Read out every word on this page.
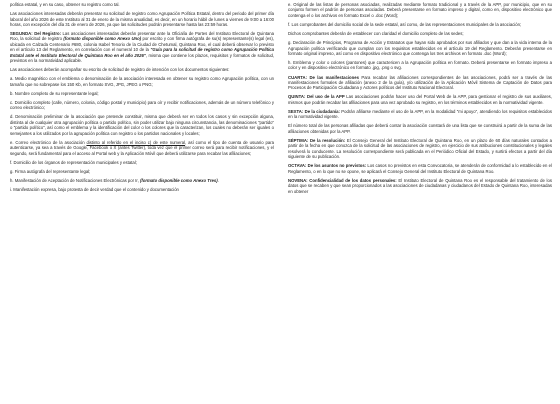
política estatal, y en su caso, obtener su registro como tal.

Las asociaciones interesadas deberán presentar su solicitud de registro como Agrupación Política Estatal, dentro del periodo del primer día laboral del año 2026 de este Instituto al 31 de enero de la misma anualidad, es decir, en un horario hábil de lunes a viernes de 9:00 a 16:00 horas, con excepción del día 31 de enero de 2026, ya que las solicitudes podrán presentarse hasta las 23:59 horas.

SEGUNDA: Del Registro: Las asociaciones interesadas deberán presentar ante la Oficialía de Partes del Instituto Electoral de Quintana Roo, la solicitud de registro (formato disponible como Anexo Uno) por escrito y con firma autógrafa de su(s) representante(s) legal (es), ubicada en Calzada Centenario #680, colonia Isabel Tenorio de la Ciudad de Chetumal, Quintana Roo, el cual deberá observar lo previsto en el artículo 13 del Reglamento, en correlación con el numeral 10 de la "Guía para la solicitud de registro como Agrupación Política Estatal ante el Instituto Electoral de Quintana Roo en el año 2026", misma que contiene los plazos, requisitos y formatos de solicitud, previstos en la normatividad aplicable.

Las asociaciones deberán acompañar su escrito de solicitud de registro de intención con los documentos siguientes:

a. Medio magnético con el emblema o denominación de la asociación interesada en obtener su registro como Agrupación política, con un tamaño que no sobrepase los 150 Kb, en formato SVG, JPG, JPEG o PNG;

b. Nombre completo de su representante legal;

c. Domicilio completo (calle, número, colonia, código postal y municipio) para oír y recibir notificaciones, además de un número telefónico y correo electrónico;

d. Denominación preliminar de la asociación que pretende constituir, misma que deberá ser en todos los casos y sin excepción alguna, distinta al de cualquier otra agrupación política o partido político, sin poder utilizar bajo ninguna circunstancia, las denominaciones "partido" o "partido político", así como el emblema y la identificación del color o los colores que la caracterizan, los cuales no deberán ser iguales o semejantes a los utilizados por la agrupación política con registro o los partidos nacionales y locales;

e. Correo electrónico de la asociación distinto al referido en el inciso c) de este numeral, así como el tipo de cuenta de usuario para autenticarse, ya sea a través de Google, Facebook o X (antes Twitter), toda vez que el primer correo será para recibir notificaciones, y el segundo, será fundamental para el acceso al Portal web y la Aplicación Móvil que deberá utilizarse para recabar las afiliaciones;

f. Domicilio de los órganos de representación municipales y estatal;

g. Firma autógrafa del representante legal;

h. Manifestación de Aceptación de Notificaciones Electrónicas por Ir, (formato disponible como Anexo Tres).

i. Manifestación expresa, bajo protesta de decir verdad que el contenido y documentación

e. Original de las listas de personas asociadas, realizadas mediante formato tradicional y a través de la APP, por municipio, que en su conjunto formen el padrón de personas asociadas. Deberá presentarse en formato impreso y digital, como en, dispositivo electrónico que contenga el o los archivos en formato Excel o .doc (Word);

f. Los comprobantes del domicilio social de la sede estatal, así como, de las representaciones municipales de la asociación;

Dichos comprobantes deberán de establecer con claridad el domicilio completo de las sedes;

g. Declaración de Principios, Programa de Acción y Estatutos que hayan sido aprobados por sus afiliados y que dan a la vida interna de la Agrupación política verificando que cumplan con los requisitos establecidos en el artículo 19 del Reglamento. Deberán presentarse en formato original impreso, así como en dispositivo electrónico que contenga los tres archivos en formato .doc (Word);

h. Emblema y color o colores (pantones) que caractericen a la Agrupación política en formato. Deberá presentarse en formato impreso a color y en dispositivo electrónico en formato .jpg, .png o svg.

CUARTA: De las manifestaciones Para recabar las afiliaciones correspondientes de las asociaciones, podrá ser a través de las manifestaciones formales de afiliación (anexo 2 de la guía), y/o utilización de la Aplicación Móvil Sistema de Captación de Datos para Procesos de Participación Ciudadana y Actores políticos del Instituto Nacional Electoral.

QUINTA: Del uso de la APP Las asociaciones podrán hacer uso del Portal Web de la APP, para gestionar el registro de sus auxiliares, mismos que podrán recabar las afiliaciones para una vez aprobado su registro, en los términos establecidos en la normatividad vigente.

SEXTA: De la ciudadanía: Podrán afiliarse mediante el uso de la APP, en la modalidad "mi apoyo", atendiendo los requisitos establecidos en la normatividad vigente.

El número total de las personas afiliadas que deberá contar la asociación constará de una lista que se construirá a partir de la suma de las afiliaciones obtenidas por la APP.

SÉPTIMA: De la resolución: El Consejo General del Instituto Electoral de Quintana Roo, en un plazo de 60 días naturales contados a partir de la fecha en que conozca de la solicitud de las asociaciones de registro, en ejercicio de sus atribuciones constitucionales y legales resolverá lo conducente. La resolución correspondiente será publicada en el Periódico Oficial del Estado, y surtirá efectos a partir del día siguiente de su publicación.

OCTAVA: De los asuntos no previstos: Los casos no previstos en esta Convocatoria, se atenderán de conformidad a lo establecido en el Reglamento, o en lo que no se opone, se aplicará el Consejo General del Instituto Electoral de Quintana Roo.

NOVENA: Confidencialidad de los datos personales: El Instituto Electoral de Quintana Roo es el responsable del tratamiento de los datos que se recaben y que sean proporcionados a las asociaciones de ciudadanas y ciudadanos del Estado de Quintana Roo, interesadas en obtener
